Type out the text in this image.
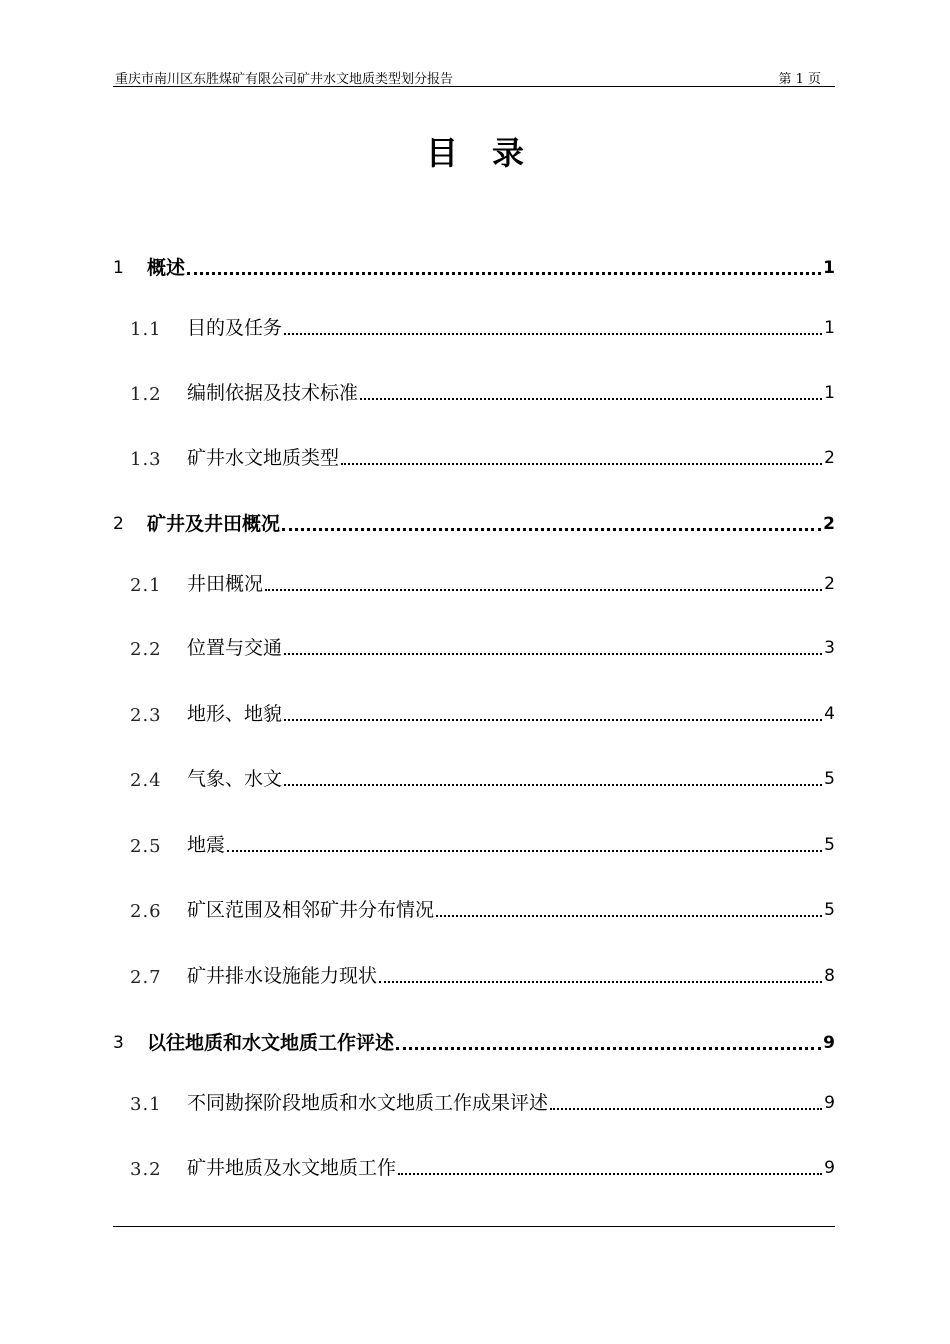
重庆市南川区东胜煤矿有限公司矿井水文地质类型划分报告	第 1 页
目录
1	概述	1
1.1	目的及任务	1
1.2	编制依据及技术标准	1
1.3	矿井水文地质类型	2
2	矿井及井田概况	2
2.1	井田概况	2
2.2	位置与交通	3
2.3	地形、地貌	4
2.4	气象、水文	5
2.5	地震	5
2.6	矿区范围及相邻矿井分布情况	5
2.7	矿井排水设施能力现状	8
3	以往地质和水文地质工作评述	9
3.1	不同勘探阶段地质和水文地质工作成果评述	9
3.2	矿井地质及水文地质工作	9
